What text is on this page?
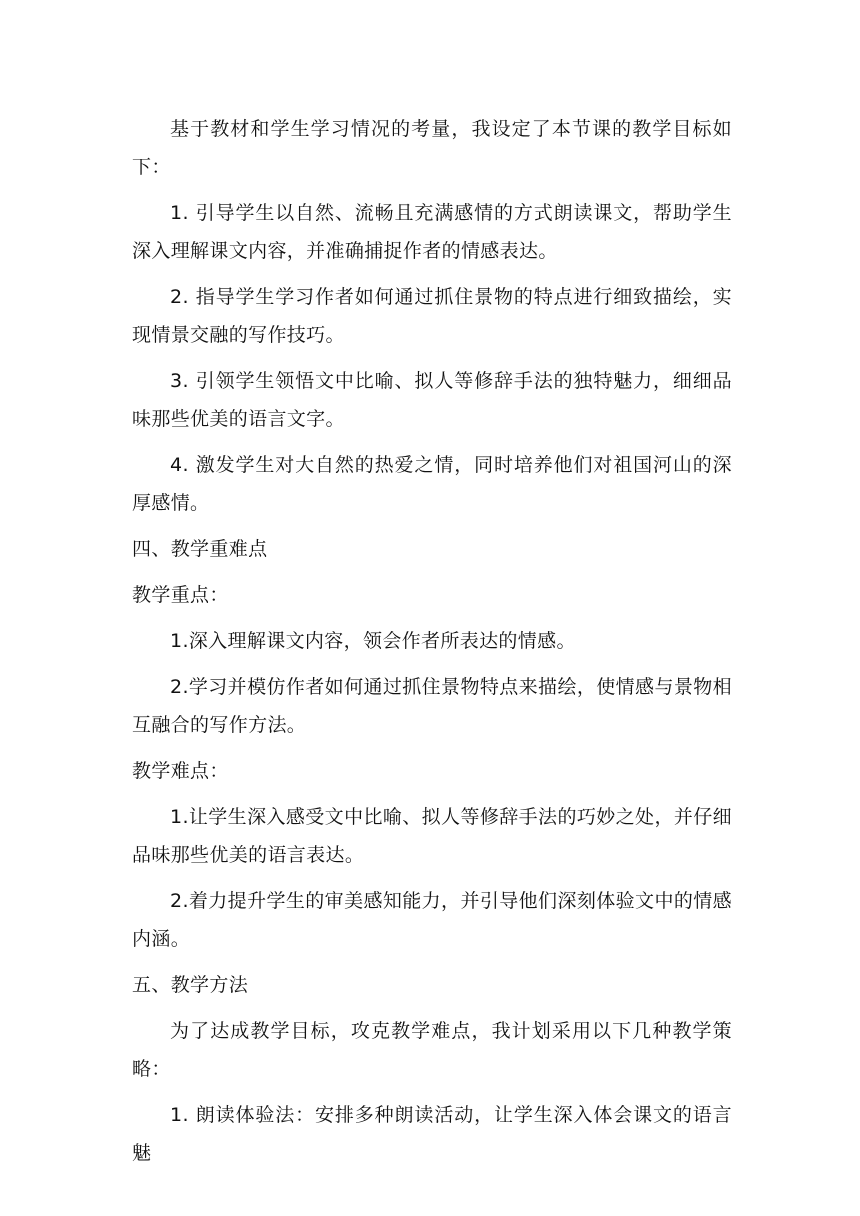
基于教材和学生学习情况的考量，我设定了本节课的教学目标如下：

1. 引导学生以自然、流畅且充满感情的方式朗读课文，帮助学生深入理解课文内容，并准确捕捉作者的情感表达。

2. 指导学生学习作者如何通过抓住景物的特点进行细致描绘，实现情景交融的写作技巧。

3. 引领学生领悟文中比喻、拟人等修辞手法的独特魅力，细细品味那些优美的语言文字。

4. 激发学生对大自然的热爱之情，同时培养他们对祖国河山的深厚感情。

四、教学重难点

教学重点：

1.深入理解课文内容，领会作者所表达的情感。

2.学习并模仿作者如何通过抓住景物特点来描绘，使情感与景物相互融合的写作方法。

教学难点：

1.让学生深入感受文中比喻、拟人等修辞手法的巧妙之处，并仔细品味那些优美的语言表达。

2.着力提升学生的审美感知能力，并引导他们深刻体验文中的情感内涵。

五、教学方法

为了达成教学目标，攻克教学难点，我计划采用以下几种教学策略：

1. 朗读体验法：安排多种朗读活动，让学生深入体会课文的语言魅
